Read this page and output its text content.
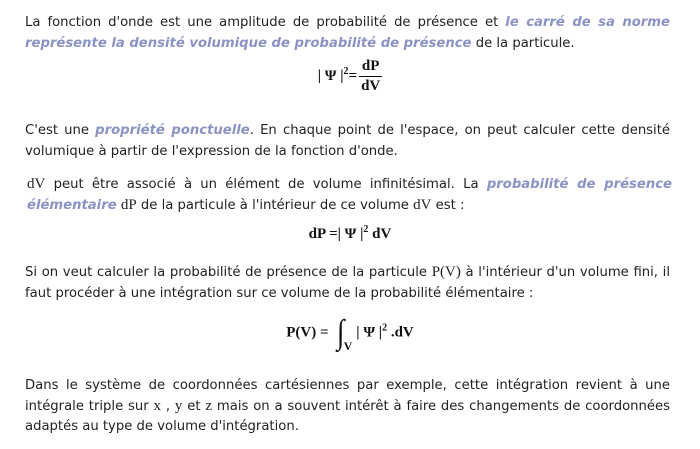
La fonction d'onde est une amplitude de probabilité de présence et le carré de sa norme représente la densité volumique de probabilité de présence de la particule.
| Ψ $|^2= \frac{dP}{dV}$
C'est une propriété ponctuelle. En chaque point de l'espace, on peut calculer cette densité volumique à partir de l'expression de la fonction d'onde.
dV peut être associé à un élément de volume infinitésimal. La probabilité de présence élémentaire dP de la particule à l'intérieur de ce volume dV est :
dP =| Ψ $|^2$ dV
Si on veut calculer la probabilité de présence de la particule P(V) à l'intérieur d'un volume fini, il faut procéder à une intégration sur ce volume de la probabilité élémentaire :
P(V) = ∫V| Ψ $|^2$ .dV
Dans le système de coordonnées cartésiennes par exemple, cette intégration revient à une intégrale triple sur x , y et z mais on a souvent intérêt à faire des changements de coordonnées adaptés au type de volume d'intégration.
